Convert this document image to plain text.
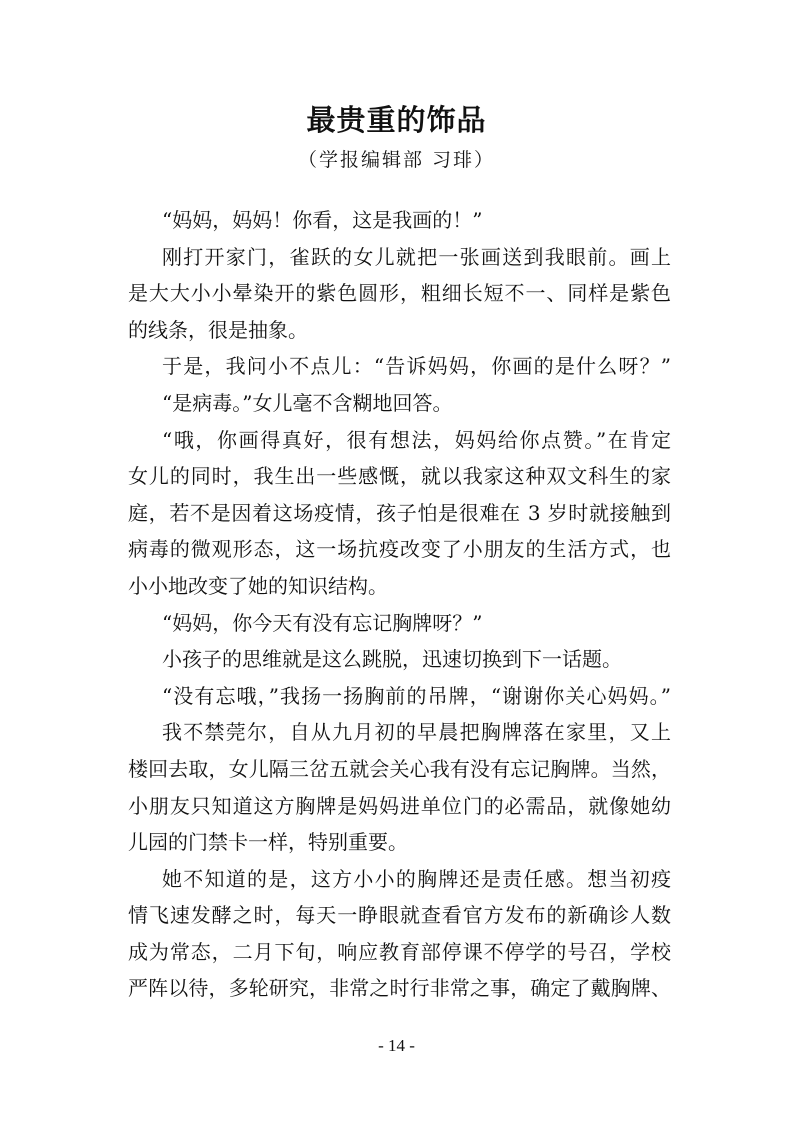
最贵重的饰品
（学报编辑部 习琲）
“妈妈，妈妈！你看，这是我画的！”
刚打开家门，雀跃的女儿就把一张画送到我眼前。画上
是大大小小晕染开的紫色圆形，粗细长短不一、同样是紫色
的线条，很是抽象。
于是，我问小不点儿：“告诉妈妈，你画的是什么呀？”
“是病毒。”女儿毫不含糊地回答。
“哦，你画得真好，很有想法，妈妈给你点赞。”在肯定
女儿的同时，我生出一些感慨，就以我家这种双文科生的家
庭，若不是因着这场疫情，孩子怕是很难在 3 岁时就接触到
病毒的微观形态，这一场抗疫改变了小朋友的生活方式，也
小小地改变了她的知识结构。
“妈妈，你今天有没有忘记胸牌呀？”
小孩子的思维就是这么跳脱，迅速切换到下一话题。
“没有忘哦，”我扬一扬胸前的吊牌，“谢谢你关心妈妈。”
我不禁莞尔，自从九月初的早晨把胸牌落在家里，又上
楼回去取，女儿隔三岔五就会关心我有没有忘记胸牌。当然，
小朋友只知道这方胸牌是妈妈进单位门的必需品，就像她幼
儿园的门禁卡一样，特别重要。
她不知道的是，这方小小的胸牌还是责任感。想当初疫
情飞速发酵之时，每天一睁眼就查看官方发布的新确诊人数
成为常态，二月下旬，响应教育部停课不停学的号召，学校
严阵以待，多轮研究，非常之时行非常之事，确定了戴胸牌、
- 14 -
